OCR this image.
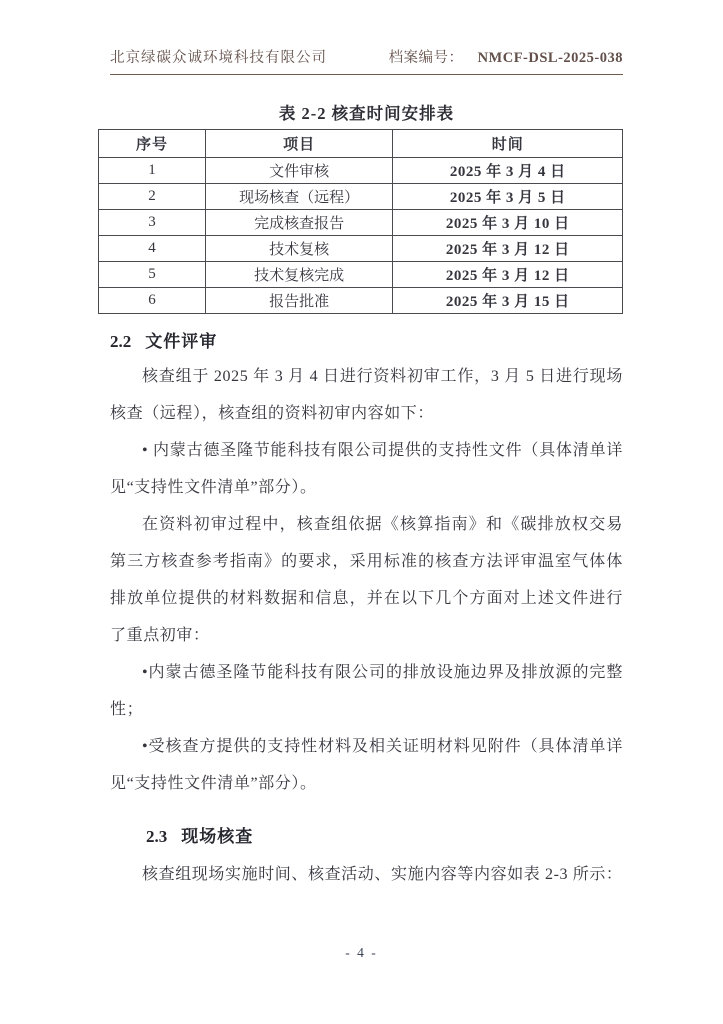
北京绿碳众诚环境科技有限公司	档案编号： NMCF-DSL-2025-038
表 2-2 核查时间安排表
序号	项目	时间
1	文件审核	2025 年 3 月 4 日
2	现场核查（远程）	2025 年 3 月 5 日
3	完成核查报告	2025 年 3 月 10 日
4	技术复核	2025 年 3 月 12 日
5	技术复核完成	2025 年 3 月 12 日
6	报告批准	2025 年 3 月 15 日
2.2 文件评审

核查组于 2025 年 3 月 4 日进行资料初审工作，3 月 5 日进行现场核查（远程），核查组的资料初审内容如下：

• 内蒙古德圣隆节能科技有限公司提供的支持性文件（具体清单详见“支持性文件清单”部分）。

在资料初审过程中，核查组依据《核算指南》和《碳排放权交易第三方核查参考指南》的要求，采用标准的核查方法评审温室气体体排放单位提供的材料数据和信息，并在以下几个方面对上述文件进行了重点初审：

•内蒙古德圣隆节能科技有限公司的排放设施边界及排放源的完整性；

•受核查方提供的支持性材料及相关证明材料见附件（具体清单详见“支持性文件清单”部分）。

2.3 现场核查

核查组现场实施时间、核查活动、实施内容等内容如表 2-3 所示：

- 4 -
